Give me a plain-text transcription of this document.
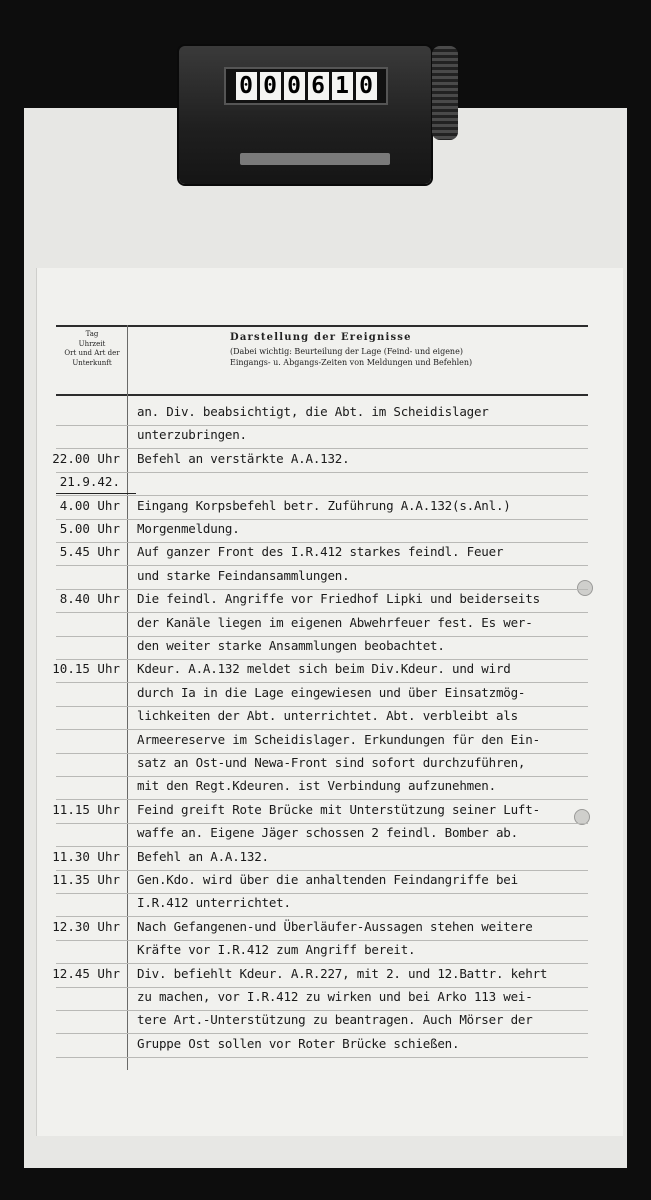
0 0 0 6 1 0
Tag
Uhrzeit
Ort und Art der Unterkunft
Darstellung der Ereignisse
(Dabei wichtig: Beurteilung der Lage (Feind- und eigene)
Eingangs- u. Abgangs-Zeiten von Meldungen und Befehlen)
an. Div. beabsichtigt, die Abt. im Scheidislager
unterzubringen.
22.00 Uhr Befehl an verstärkte A.A.132.
21.9.42.
4.00 Uhr Eingang Korpsbefehl betr. Zuführung A.A.132(s.Anl.)
5.00 Uhr Morgenmeldung.
5.45 Uhr Auf ganzer Front des I.R.412 starkes feindl. Feuer
und starke Feindansammlungen.
8.40 Uhr Die feindl. Angriffe vor Friedhof Lipki und beiderseits
der Kanäle liegen im eigenen Abwehrfeuer fest. Es wer-
den weiter starke Ansammlungen beobachtet.
10.15 Uhr Kdeur. A.A.132 meldet sich beim Div.Kdeur. und wird
durch Ia in die Lage eingewiesen und über Einsatzmög-
lichkeiten der Abt. unterrichtet. Abt. verbleibt als
Armeereserve im Scheidislager. Erkundungen für den Ein-
satz an Ost-und Newa-Front sind sofort durchzuführen,
mit den Regt.Kdeuren. ist Verbindung aufzunehmen.
11.15 Uhr Feind greift Rote Brücke mit Unterstützung seiner Luft-
waffe an. Eigene Jäger schossen 2 feindl. Bomber ab.
11.30 Uhr Befehl an A.A.132.
11.35 Uhr Gen.Kdo. wird über die anhaltenden Feindangriffe bei
I.R.412 unterrichtet.
12.30 Uhr Nach Gefangenen-und Überläufer-Aussagen stehen weitere
Kräfte vor I.R.412 zum Angriff bereit.
12.45 Uhr Div. befiehlt Kdeur. A.R.227, mit 2. und 12.Battr. kehrt
zu machen, vor I.R.412 zu wirken und bei Arko 113 wei-
tere Art.-Unterstützung zu beantragen. Auch Mörser der
Gruppe Ost sollen vor Roter Brücke schießen.
